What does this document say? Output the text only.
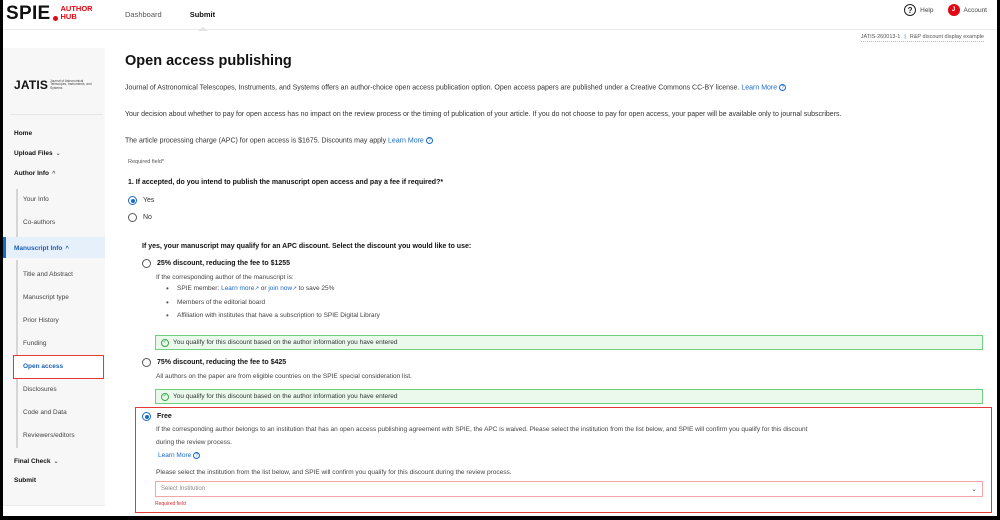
SPIE AUTHOR
HUB	Dashboard	Submit	?	Help	J	Account
JATIS-260013-1 | R&P discount display example
JATIS Journal of Astronomical Telescopes, Instruments, and Systems
Home
Upload Files ⌄
Author Info ^
Your Info
Co-authors
Manuscript Info ^
Title and Abstract
Manuscript type
Prior History
Funding
Open access
Disclosures
Code and Data
Reviewers/editors
Final Check ⌄
Submit
Open access publishing
Journal of Astronomical Telescopes, Instruments, and Systems offers an author-choice open access publication option. Open access papers are published under a Creative Commons CC-BY license. Learn More ?
Your decision about whether to pay for open access has no impact on the review process or the timing of publication of your article. If you do not choose to pay for open access, your paper will be available only to journal subscribers.
The article processing charge (APC) for open access is $1675. Discounts may apply Learn More ?
Required field*
1. If accepted, do you intend to publish the manuscript open access and pay a fee if required?*
Yes
No
If yes, your manuscript may qualify for an APC discount. Select the discount you would like to use:
25% discount, reducing the fee to $1255
If the corresponding author of the manuscript is:
• SPIE member: Learn more↗ or join now↗ to save 25%
• Members of the editorial board
• Affiliation with institutes that have a subscription to SPIE Digital Library
✓ You qualify for this discount based on the author information you have entered
75% discount, reducing the fee to $425
All authors on the paper are from eligible countries on the SPIE special consideration list.
✓ You qualify for this discount based on the author information you have entered
Free
If the corresponding author belongs to an institution that has an open access publishing agreement with SPIE, the APC is waived. Please select the institution from the list below, and SPIE will confirm you qualify for this discount
during the review process.
Learn More ?
Please select the institution from the list below, and SPIE will confirm you qualify for this discount during the review process.
Select Institution	⌄
Required field
